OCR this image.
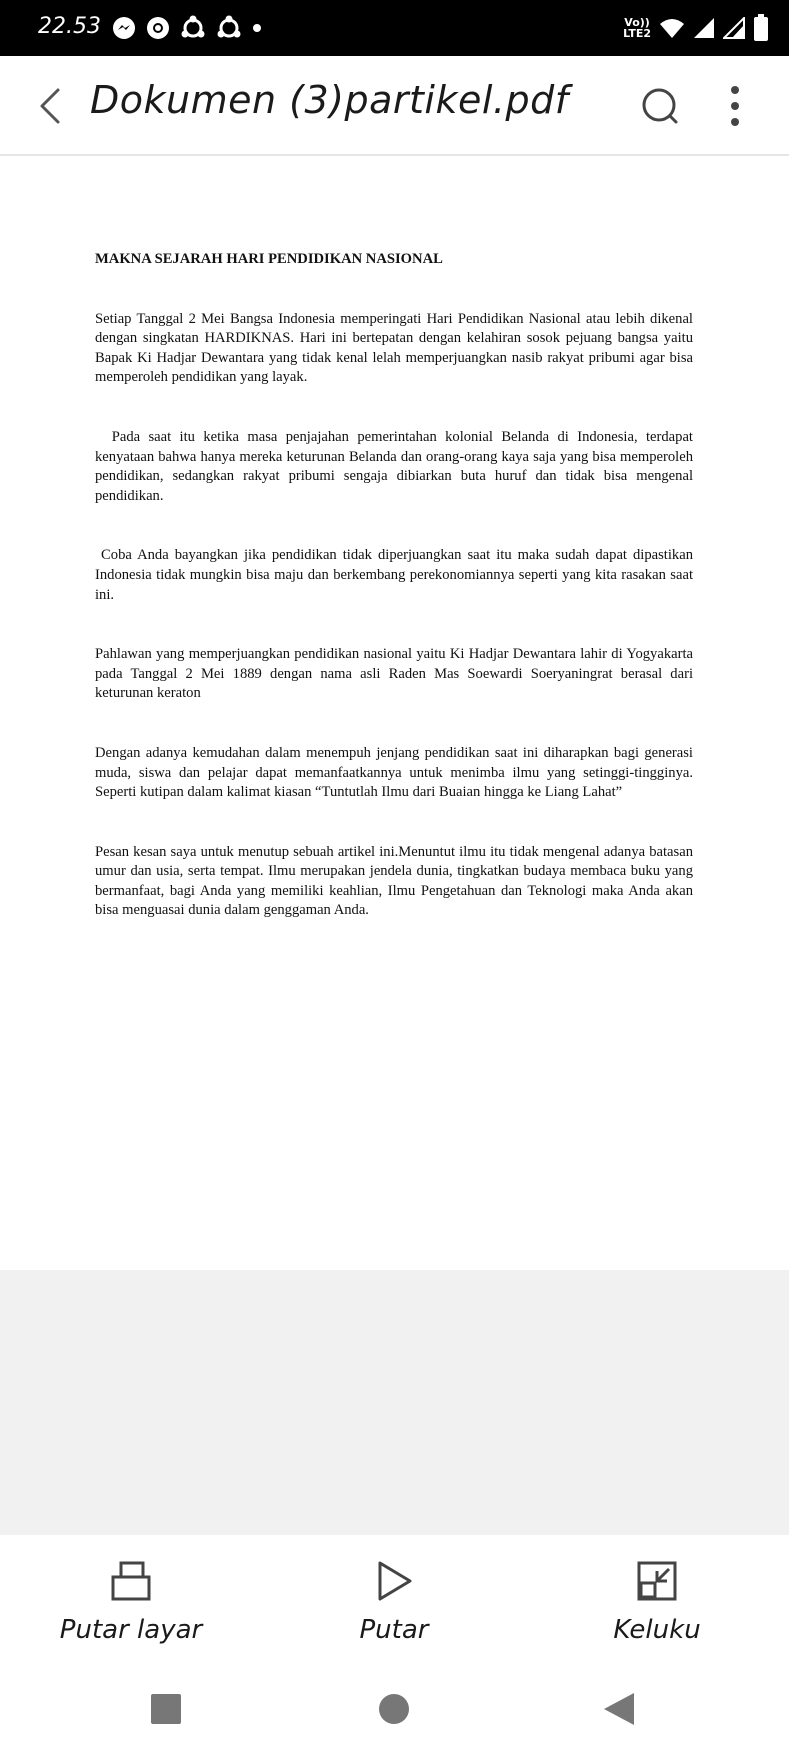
22.53	Vo))
LTE2
Dokumen (3)partikel.pdf
MAKNA SEJARAH HARI PENDIDIKAN NASIONAL

Setiap Tanggal 2 Mei Bangsa Indonesia memperingati Hari Pendidikan Nasional atau lebih dikenal dengan singkatan HARDIKNAS. Hari ini bertepatan dengan kelahiran sosok pejuang bangsa yaitu Bapak Ki Hadjar Dewantara yang tidak kenal lelah memperjuangkan nasib rakyat pribumi agar bisa memperoleh pendidikan yang layak.

Pada saat itu ketika masa penjajahan pemerintahan kolonial Belanda di Indonesia, terdapat kenyataan bahwa hanya mereka keturunan Belanda dan orang-orang kaya saja yang bisa memperoleh pendidikan, sedangkan rakyat pribumi sengaja dibiarkan buta huruf dan tidak bisa mengenal pendidikan.

Coba Anda bayangkan jika pendidikan tidak diperjuangkan saat itu maka sudah dapat dipastikan Indonesia tidak mungkin bisa maju dan berkembang perekonomiannya seperti yang kita rasakan saat ini.

Pahlawan yang memperjuangkan pendidikan nasional yaitu Ki Hadjar Dewantara lahir di Yogyakarta pada Tanggal 2 Mei 1889 dengan nama asli Raden Mas Soewardi Soeryaningrat berasal dari keturunan keraton

Dengan adanya kemudahan dalam menempuh jenjang pendidikan saat ini diharapkan bagi generasi muda, siswa dan pelajar dapat memanfaatkannya untuk menimba ilmu yang setinggi-tingginya. Seperti kutipan dalam kalimat kiasan “Tuntutlah Ilmu dari Buaian hingga ke Liang Lahat”

Pesan kesan saya untuk menutup sebuah artikel ini.Menuntut ilmu itu tidak mengenal adanya batasan umur dan usia, serta tempat. Ilmu merupakan jendela dunia, tingkatkan budaya membaca buku yang bermanfaat, bagi Anda yang memiliki keahlian, Ilmu Pengetahuan dan Teknologi maka Anda akan bisa menguasai dunia dalam genggaman Anda.

Putar layar	Putar	Keluku
